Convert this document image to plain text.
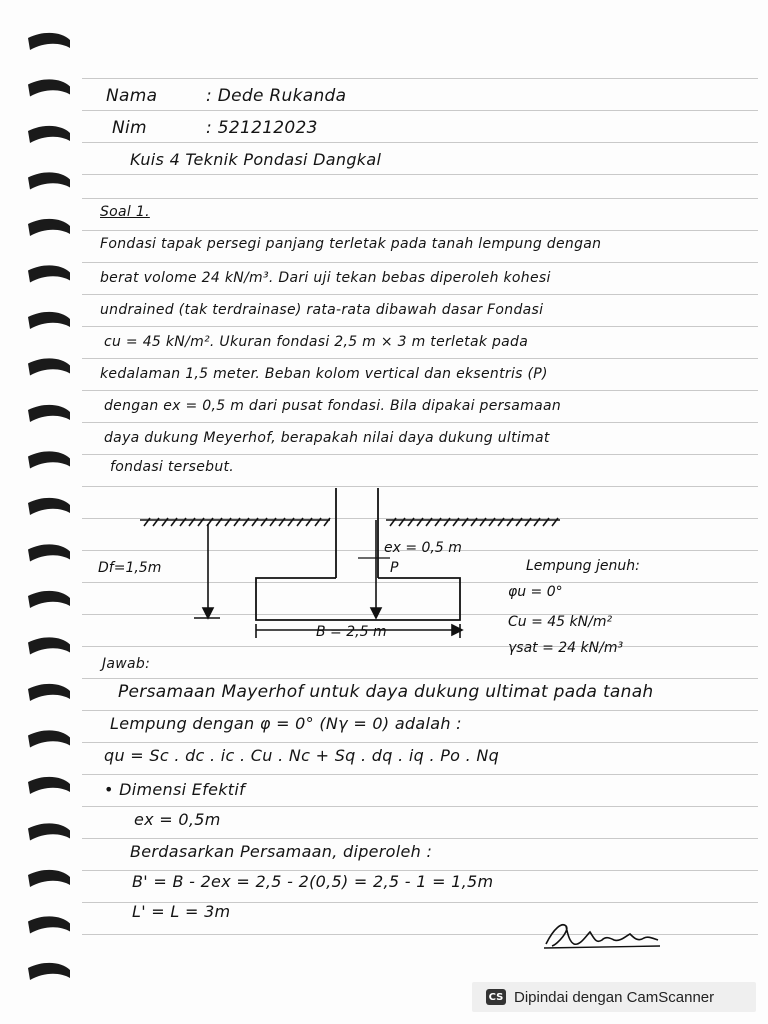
Nama	: Dede Rukanda
Nim	: 521212023
Kuis 4 Teknik Pondasi Dangkal
Soal 1.
Fondasi tapak persegi panjang terletak pada tanah lempung dengan
berat volome 24 kN/m³. Dari uji tekan bebas diperoleh kohesi
undrained (tak terdrainase) rata-rata dibawah dasar Fondasi
cu = 45 kN/m². Ukuran fondasi 2,5 m × 3 m terletak pada
kedalaman 1,5 meter. Beban kolom vertical dan eksentris (P)
dengan ex = 0,5 m dari pusat fondasi. Bila dipakai persamaan
daya dukung Meyerhof, berapakah nilai daya dukung ultimat
fondasi tersebut.
Df=1,5m
ex = 0,5 m
P
B = 2,5 m
Lempung jenuh:
φu = 0°
Cu = 45 kN/m²
γsat = 24 kN/m³
Jawab:
Persamaan Mayerhof untuk daya dukung ultimat pada tanah
Lempung dengan φ = 0° (Nγ = 0) adalah :
qu = Sc . dc . ic . Cu . Nc + Sq . dq . iq . Po . Nq
• Dimensi Efektif
ex = 0,5m
Berdasarkan Persamaan, diperoleh :
B' = B - 2ex = 2,5 - 2(0,5) = 2,5 - 1 = 1,5m
L' = L = 3m
CS Dipindai dengan CamScanner
